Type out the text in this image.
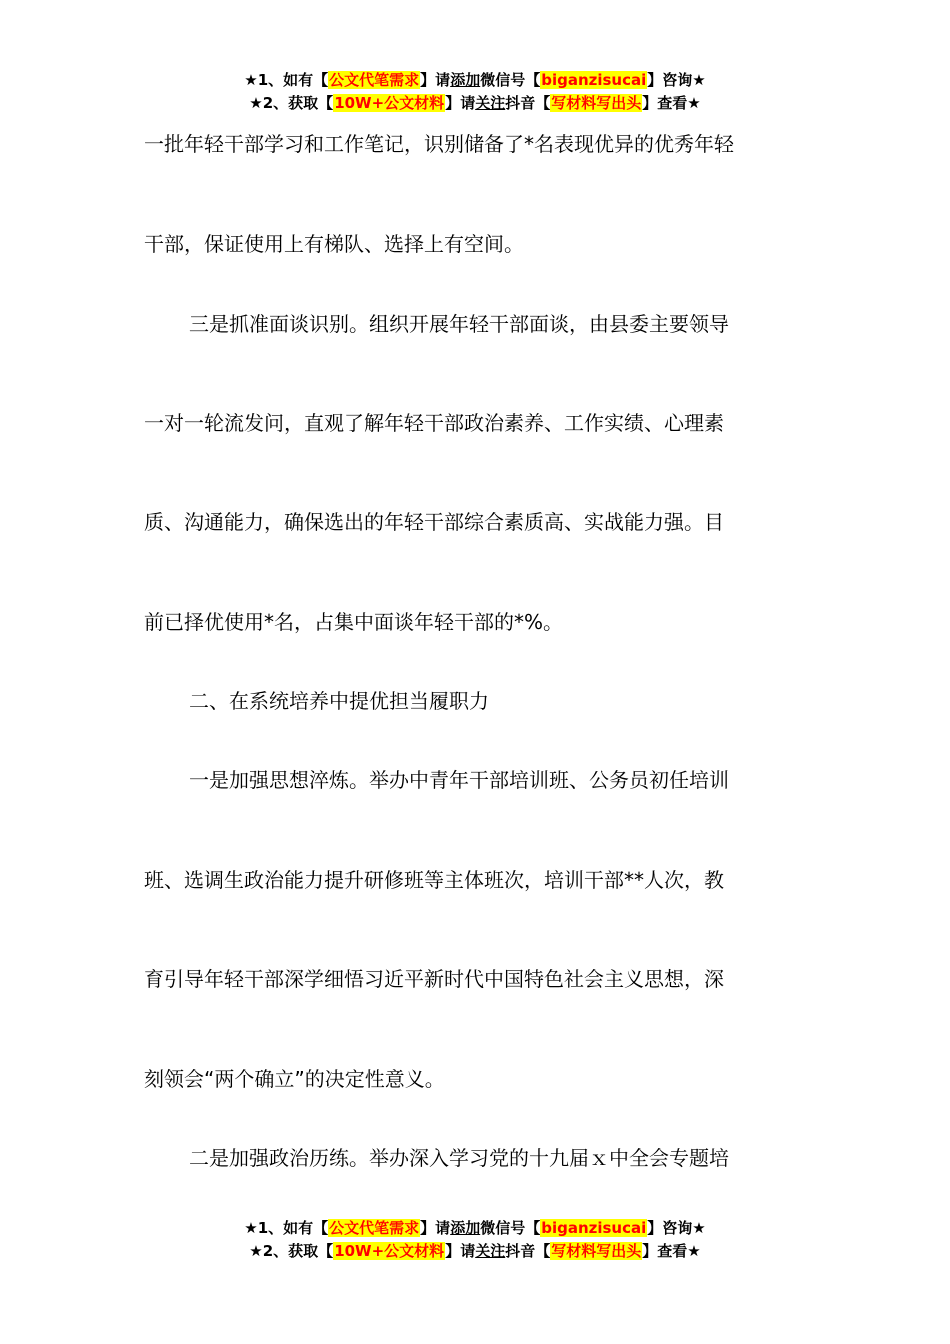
★1、如有【公文代笔需求】请添加微信号【biganzisucai】咨询★
★2、获取【10W+公文材料】请关注抖音【写材料写出头】查看★
一批年轻干部学习和工作笔记，识别储备了*名表现优异的优秀年轻
干部，保证使用上有梯队、选择上有空间。
三是抓准面谈识别。组织开展年轻干部面谈，由县委主要领导
一对一轮流发问，直观了解年轻干部政治素养、工作实绩、心理素
质、沟通能力，确保选出的年轻干部综合素质高、实战能力强。目
前已择优使用*名，占集中面谈年轻干部的*%。
二、在系统培养中提优担当履职力
一是加强思想淬炼。举办中青年干部培训班、公务员初任培训
班、选调生政治能力提升研修班等主体班次，培训干部**人次，教
育引导年轻干部深学细悟习近平新时代中国特色社会主义思想，深
刻领会“两个确立”的决定性意义。
二是加强政治历练。举办深入学习党的十九届ｘ中全会专题培
★1、如有【公文代笔需求】请添加微信号【biganzisucai】咨询★
★2、获取【10W+公文材料】请关注抖音【写材料写出头】查看★
